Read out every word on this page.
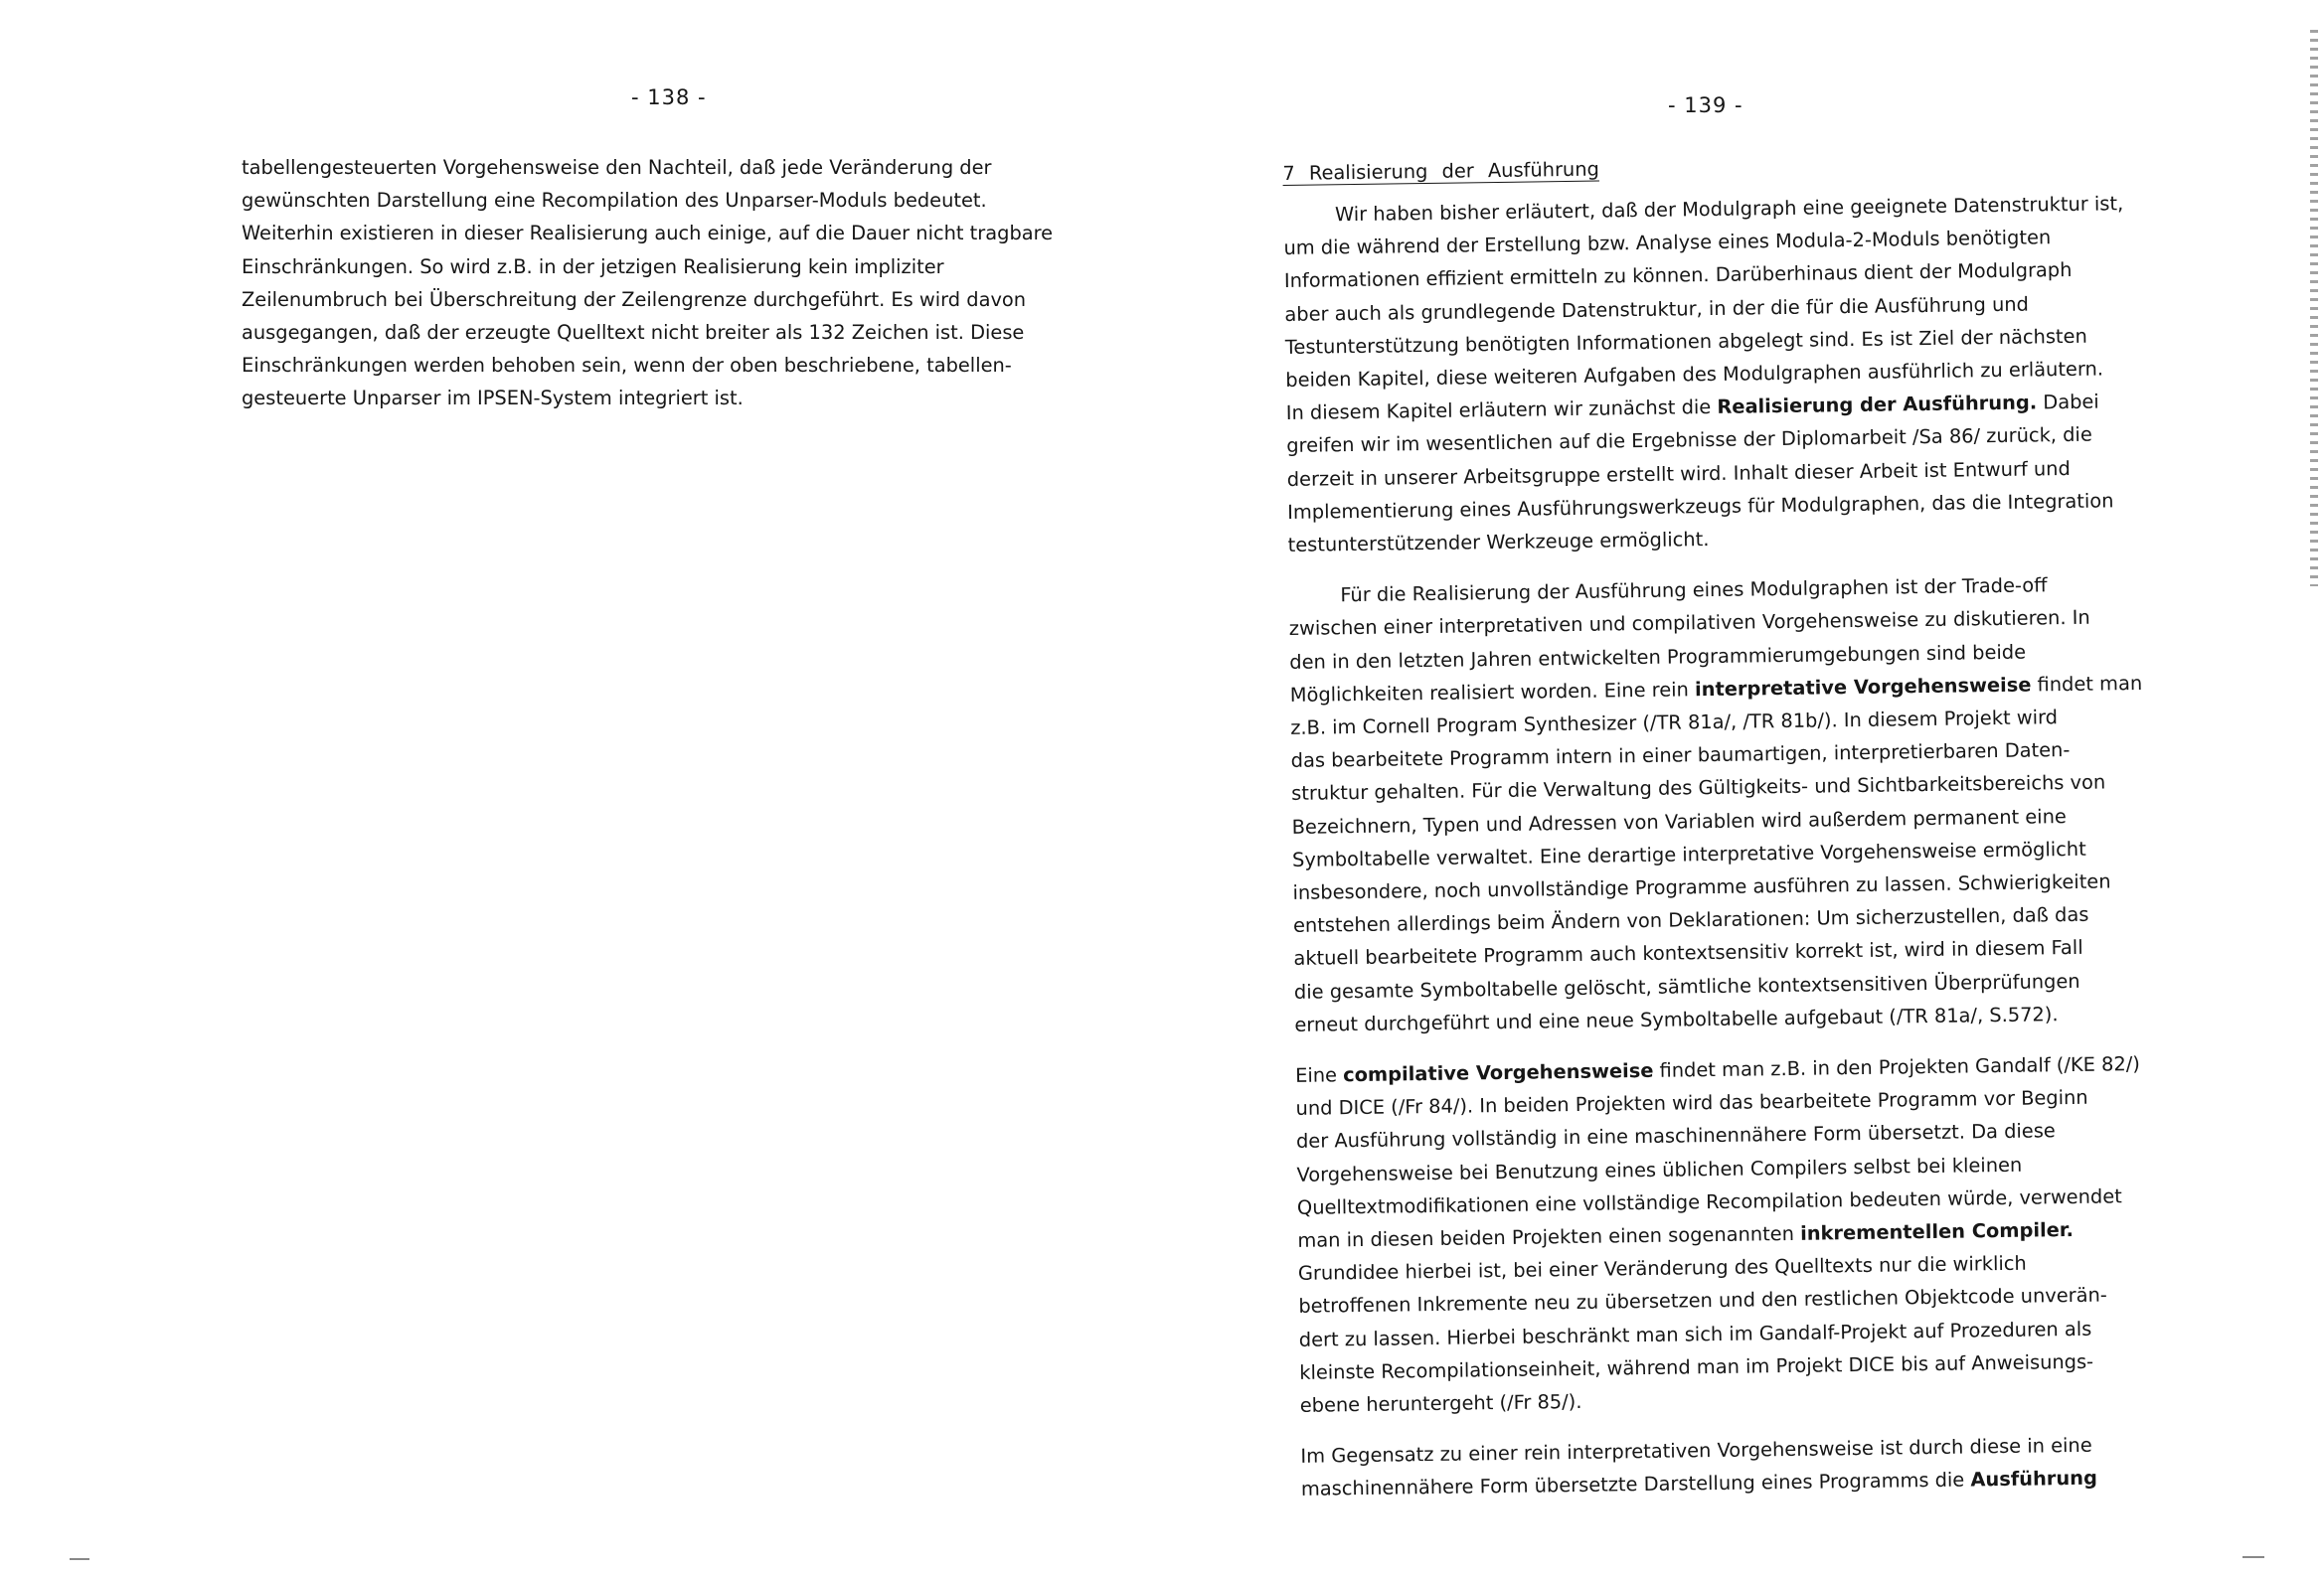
- 138 -
tabellengesteuerten Vorgehensweise den Nachteil, daß jede Veränderung der
gewünschten Darstellung eine Recompilation des Unparser-Moduls bedeutet.
Weiterhin existieren in dieser Realisierung auch einige, auf die Dauer nicht tragbare
Einschränkungen. So wird z.B. in der jetzigen Realisierung kein impliziter
Zeilenumbruch bei Überschreitung der Zeilengrenze durchgeführt. Es wird davon
ausgegangen, daß der erzeugte Quelltext nicht breiter als 132 Zeichen ist. Diese
Einschränkungen werden behoben sein, wenn der oben beschriebene, tabellen-
gesteuerte Unparser im IPSEN-System integriert ist.
- 139 -
7 Realisierung der Ausführung
Wir haben bisher erläutert, daß der Modulgraph eine geeignete Datenstruktur ist,
um die während der Erstellung bzw. Analyse eines Modula-2-Moduls benötigten
Informationen effizient ermitteln zu können. Darüberhinaus dient der Modulgraph
aber auch als grundlegende Datenstruktur, in der die für die Ausführung und
Testunterstützung benötigten Informationen abgelegt sind. Es ist Ziel der nächsten
beiden Kapitel, diese weiteren Aufgaben des Modulgraphen ausführlich zu erläutern.
In diesem Kapitel erläutern wir zunächst die Realisierung der Ausführung. Dabei
greifen wir im wesentlichen auf die Ergebnisse der Diplomarbeit /Sa 86/ zurück, die
derzeit in unserer Arbeitsgruppe erstellt wird. Inhalt dieser Arbeit ist Entwurf und
Implementierung eines Ausführungswerkzeugs für Modulgraphen, das die Integration
testunterstützender Werkzeuge ermöglicht.
Für die Realisierung der Ausführung eines Modulgraphen ist der Trade-off
zwischen einer interpretativen und compilativen Vorgehensweise zu diskutieren. In
den in den letzten Jahren entwickelten Programmierumgebungen sind beide
Möglichkeiten realisiert worden. Eine rein interpretative Vorgehensweise findet man
z.B. im Cornell Program Synthesizer (/TR 81a/, /TR 81b/). In diesem Projekt wird
das bearbeitete Programm intern in einer baumartigen, interpretierbaren Daten-
struktur gehalten. Für die Verwaltung des Gültigkeits- und Sichtbarkeitsbereichs von
Bezeichnern, Typen und Adressen von Variablen wird außerdem permanent eine
Symboltabelle verwaltet. Eine derartige interpretative Vorgehensweise ermöglicht
insbesondere, noch unvollständige Programme ausführen zu lassen. Schwierigkeiten
entstehen allerdings beim Ändern von Deklarationen: Um sicherzustellen, daß das
aktuell bearbeitete Programm auch kontextsensitiv korrekt ist, wird in diesem Fall
die gesamte Symboltabelle gelöscht, sämtliche kontextsensitiven Überprüfungen
erneut durchgeführt und eine neue Symboltabelle aufgebaut (/TR 81a/, S.572).
Eine compilative Vorgehensweise findet man z.B. in den Projekten Gandalf (/KE 82/)
und DICE (/Fr 84/). In beiden Projekten wird das bearbeitete Programm vor Beginn
der Ausführung vollständig in eine maschinennähere Form übersetzt. Da diese
Vorgehensweise bei Benutzung eines üblichen Compilers selbst bei kleinen
Quelltextmodifikationen eine vollständige Recompilation bedeuten würde, verwendet
man in diesen beiden Projekten einen sogenannten inkrementellen Compiler.
Grundidee hierbei ist, bei einer Veränderung des Quelltexts nur die wirklich
betroffenen Inkremente neu zu übersetzen und den restlichen Objektcode unverän-
dert zu lassen. Hierbei beschränkt man sich im Gandalf-Projekt auf Prozeduren als
kleinste Recompilationseinheit, während man im Projekt DICE bis auf Anweisungs-
ebene heruntergeht (/Fr 85/).
Im Gegensatz zu einer rein interpretativen Vorgehensweise ist durch diese in eine
maschinennähere Form übersetzte Darstellung eines Programms die Ausführung
